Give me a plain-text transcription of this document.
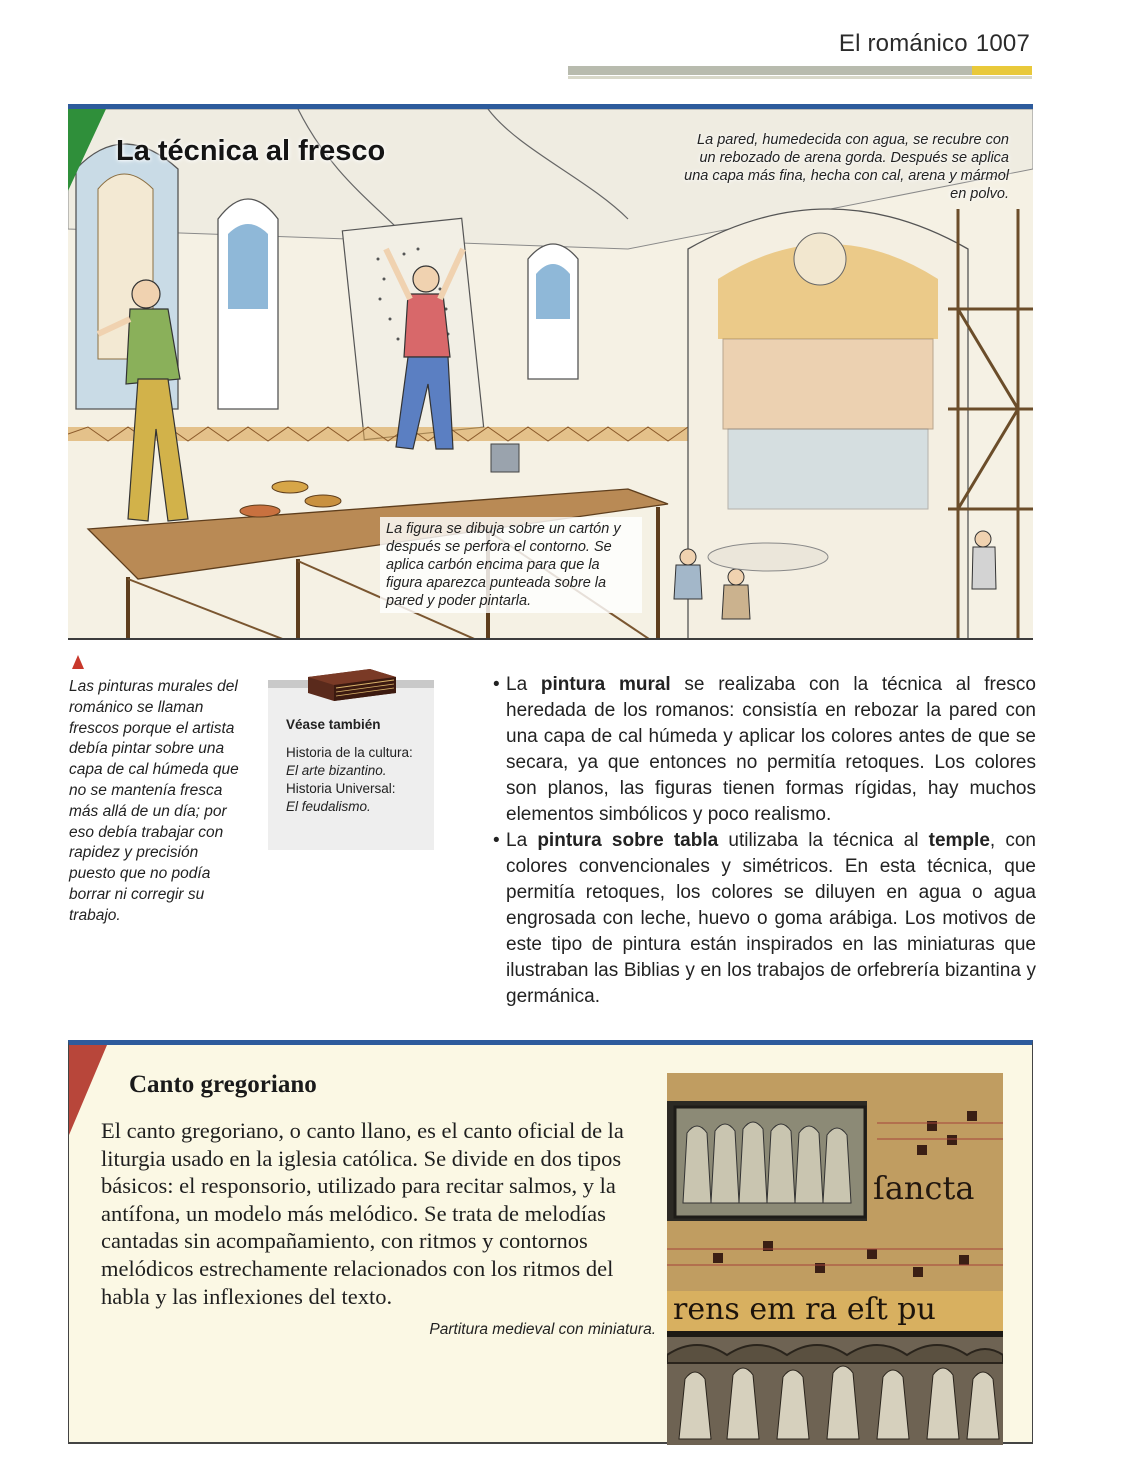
El románico 1007
La técnica al fresco	La pared, humedecida con agua, se recubre con un rebozado de arena gorda. Después se aplica una capa más fina, hecha con cal, arena y mármol en polvo.
La figura se dibuja sobre un cartón y después se perfora el contorno. Se aplica carbón encima para que la figura aparezca punteada sobre la pared y poder pintarla.
Las pinturas murales del románico se llaman frescos porque el artista debía pintar sobre una capa de cal húmeda que no se mantenía fresca más allá de un día; por eso debía trabajar con rapidez y precisión puesto que no podía borrar ni corregir su trabajo.
Véase también
Historia de la cultura:
El arte bizantino.
Historia Universal:
El feudalismo.
• La pintura mural se realizaba con la técnica al fresco heredada de los romanos: consistía en rebozar la pared con una capa de cal húmeda y aplicar los colores antes de que se secara, ya que entonces no permitía retoques. Los colores son planos, las figuras tienen formas rígidas, hay muchos elementos simbólicos y poco realismo.
• La pintura sobre tabla utilizaba la técnica al temple, con colores convencionales y simétricos. En esta técnica, que permitía retoques, los colores se diluyen en agua o agua engrosada con leche, huevo o goma arábiga. Los motivos de este tipo de pintura están inspirados en las miniaturas que ilustraban las Biblias y en los trabajos de orfebrería bizantina y germánica.
Canto gregoriano
El canto gregoriano, o canto llano, es el canto oficial de la liturgia usado en la iglesia católica. Se divide en dos tipos básicos: el responsorio, utilizado para recitar salmos, y la antífona, un modelo más melódico. Se trata de melodías cantadas sin acompañamiento, con ritmos y contornos melódicos estrechamente relacionados con los ritmos del habla y las inflexiones del texto.
Partitura medieval con miniatura.
ſancta
rens em ra eſt pu
